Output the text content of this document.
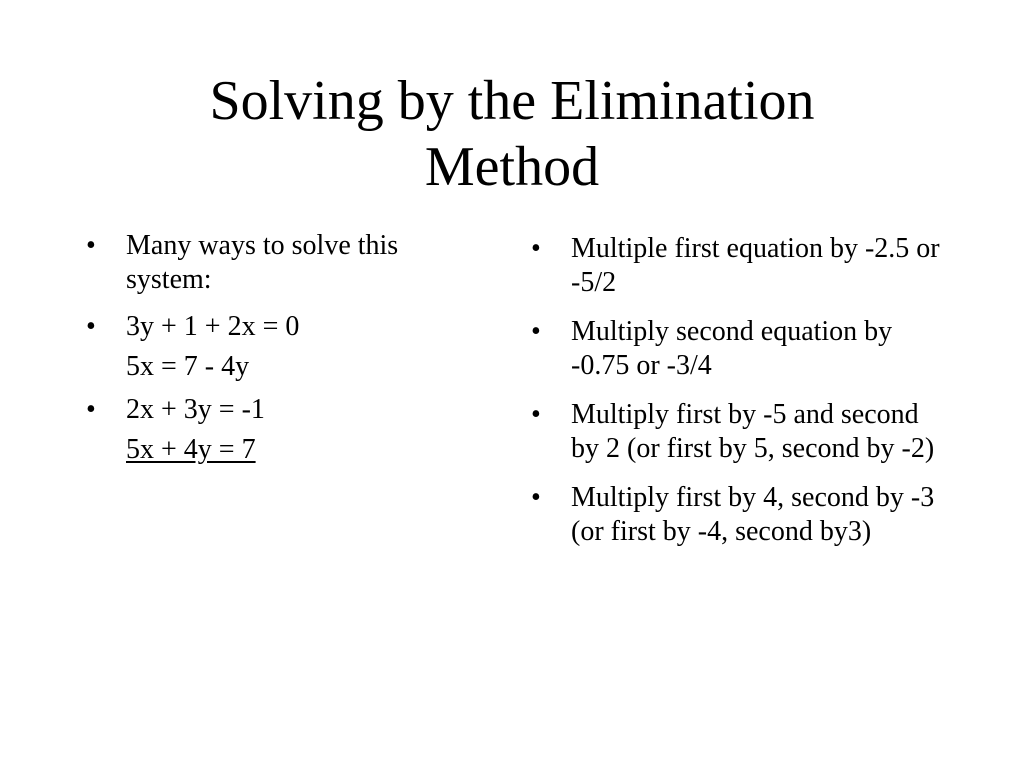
Solving by the Elimination
Method
•	Many ways to solve this system:
•	3y + 1 + 2x = 0
5x = 7 - 4y
•	2x + 3y = -1
5x + 4y = 7
•	Multiple first equation by -2.5 or -5/2
•	Multiply second equation by -0.75 or -3/4
•	Multiply first by -5 and second by 2 (or first by 5, second by -2)
•	Multiply first by 4, second by -3 (or first by -4, second by3)
